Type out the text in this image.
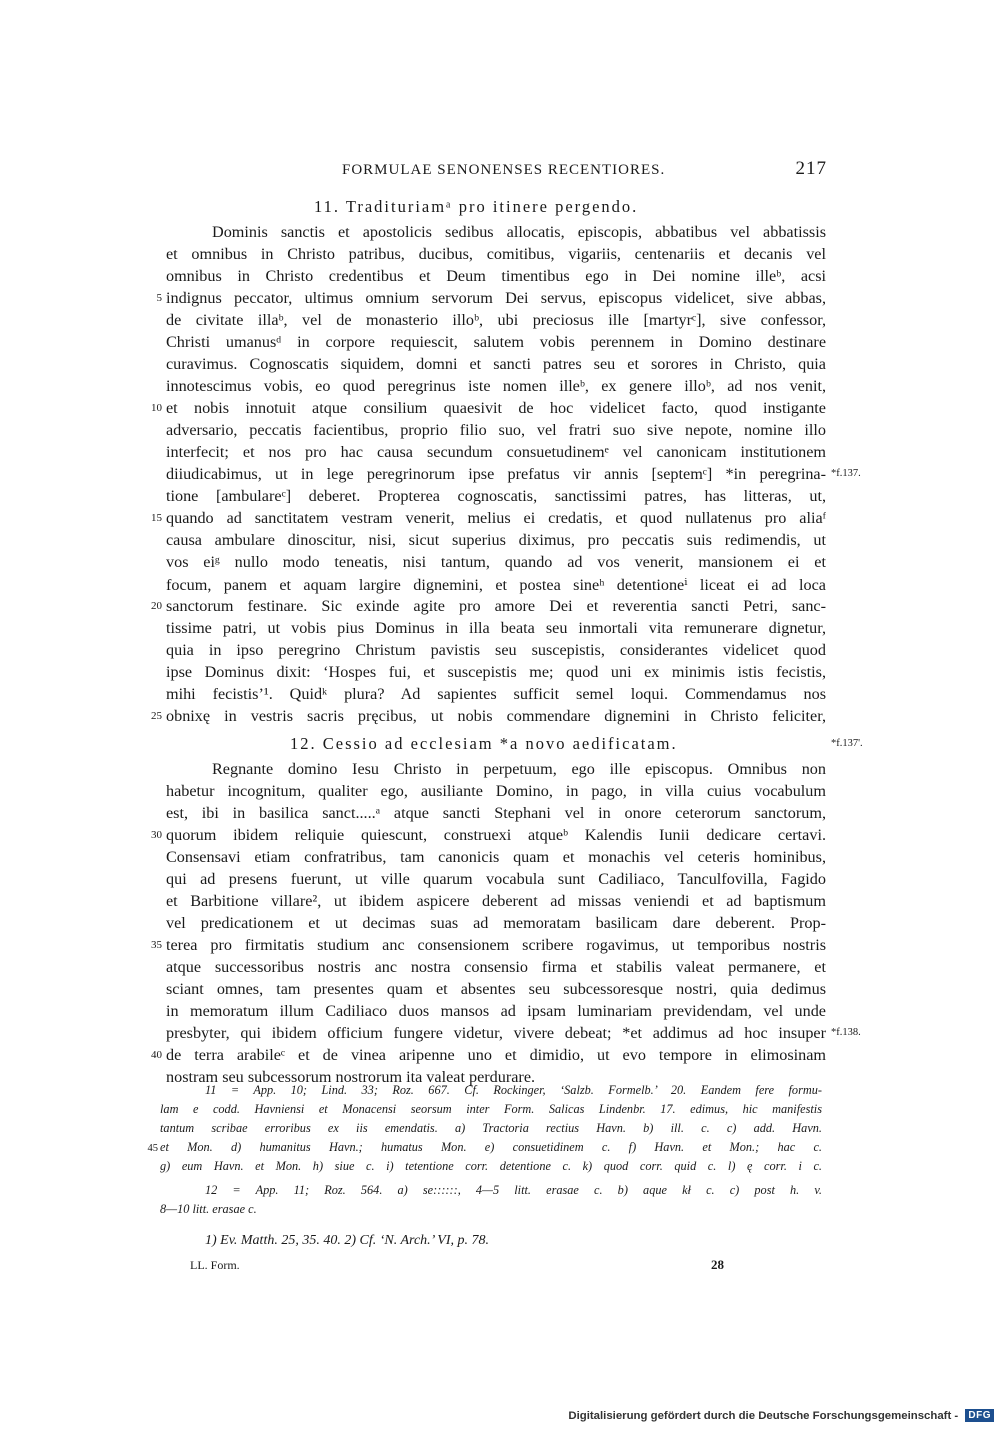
FORMULAE SENONENSES RECENTIORES.	217
11. Tradituriamᵃ pro itinere pergendo.
Dominis sanctis et apostolicis sedibus allocatis, episcopis, abbatibus vel abbatissis
et omnibus in Christo patribus, ducibus, comitibus, vigariis, centenariis et decanis vel
omnibus in Christo credentibus et Deum timentibus ego in Dei nomine illeᵇ, acsi
indignus peccator, ultimus omnium servorum Dei servus, episcopus videlicet, sive abbas,
de civitate illaᵇ, vel de monasterio illoᵇ, ubi preciosus ille [martyrᶜ], sive confessor,
Christi umanusᵈ in corpore requiescit, salutem vobis perennem in Domino destinare
curavimus. Cognoscatis siquidem, domni et sancti patres seu et sorores in Christo, quia
innotescimus vobis, eo quod peregrinus iste nomen illeᵇ, ex genere illoᵇ, ad nos venit,
et nobis innotuit atque consilium quaesivit de hoc videlicet facto, quod instigante
adversario, peccatis facientibus, proprio filio suo, vel fratri suo sive nepote, nomine illo
interfecit; et nos pro hac causa secundum consuetudinemᵉ vel canonicam institutionem
diiudicabimus, ut in lege peregrinorum ipse prefatus vir annis [septemᶜ] *in peregrina-
tione [ambulareᶜ] deberet. Propterea cognoscatis, sanctissimi patres, has litteras, ut,
quando ad sanctitatem vestram venerit, melius ei credatis, et quod nullatenus pro aliaᶠ
causa ambulare dinoscitur, nisi, sicut superius diximus, pro peccatis suis redimendis, ut
vos eiᵍ nullo modo teneatis, nisi tantum, quando ad vos venerit, mansionem ei et
focum, panem et aquam largire dignemini, et postea sineʰ detentioneⁱ liceat ei ad loca
sanctorum festinare. Sic exinde agite pro amore Dei et reverentia sancti Petri, sanc-
tissime patri, ut vobis pius Dominus in illa beata seu inmortali vita remunerare dignetur,
quia in ipso peregrino Christum pavistis seu suscepistis, considerantes videlicet quod
ipse Dominus dixit: ‘Hospes fui, et suscepistis me; quod uni ex minimis istis fecistis,
mihi fecistis’¹. Quidᵏ plura? Ad sapientes sufficit semel loqui. Commendamus nos
obnixę in vestris sacris pręcibus, ut nobis commendare dignemini in Christo feliciter,
12. Cessio ad ecclesiam *a novo aedificatam.
Regnante domino Iesu Christo in perpetuum, ego ille episcopus. Omnibus non
habetur incognitum, qualiter ego, ausiliante Domino, in pago, in villa cuius vocabulum
est, ibi in basilica sanct.....ᵃ atque sancti Stephani vel in onore ceterorum sanctorum,
quorum ibidem reliquie quiescunt, construexi atqueᵇ Kalendis Iunii dedicare certavi.
Consensavi etiam confratribus, tam canonicis quam et monachis vel ceteris hominibus,
qui ad presens fuerunt, ut ville quarum vocabula sunt Cadiliaco, Tanculfovilla, Fagido
et Barbitione villare², ut ibidem aspicere deberent ad missas veniendi et ad baptismum
vel predicationem et ut decimas suas ad memoratam basilicam dare deberent. Prop-
terea pro firmitatis studium anc consensionem scribere rogavimus, ut temporibus nostris
atque successoribus nostris anc nostra consensio firma et stabilis valeat permanere, et
sciant omnes, tam presentes quam et absentes seu subcessoresque nostri, quia dedimus
in memoratum illum Cadiliaco duos mansos ad ipsam luminariam previdendam, vel unde
presbyter, qui ibidem officium fungere videtur, vivere debeat; *et addimus ad hoc insuper
de terra arabileᶜ et de vinea aripenne uno et dimidio, ut evo tempore in elimosinam
nostram seu subcessorum nostrorum ita valeat perdurare.
5
10
15
20
25
30
35
40
*f.137.
*f.137'.
*f.138.
11 = App. 10; Lind. 33; Roz. 667. Cf. Rockinger, ‘Salzb. Formelb.’ 20. Eandem fere formu-
lam e codd. Havniensi et Monacensi seorsum inter Form. Salicas Lindenbr. 17. edimus, hic manifestis
tantum scribae erroribus ex iis emendatis. a) Tractoria rectius Havn. b) ill. c. c) add. Havn.
et Mon. d) humanitus Havn.; humatus Mon. e) consuetidinem c. f) Havn. et Mon.; hac c.
g) eum Havn. et Mon. h) siue c. i) tetentione corr. detentione c. k) quod corr. quid c. l) ę corr. i c.
12 = App. 11; Roz. 564. a) se::::::, 4—5 litt. erasae c. b) aque kł c. c) post h. v.
8—10 litt. erasae c.
45
1) Ev. Matth. 25, 35. 40. 2) Cf. ‘N. Arch.’ VI, p. 78.
LL. Form.	28
Digitalisierung gefördert durch die Deutsche Forschungsgemeinschaft - DFG
